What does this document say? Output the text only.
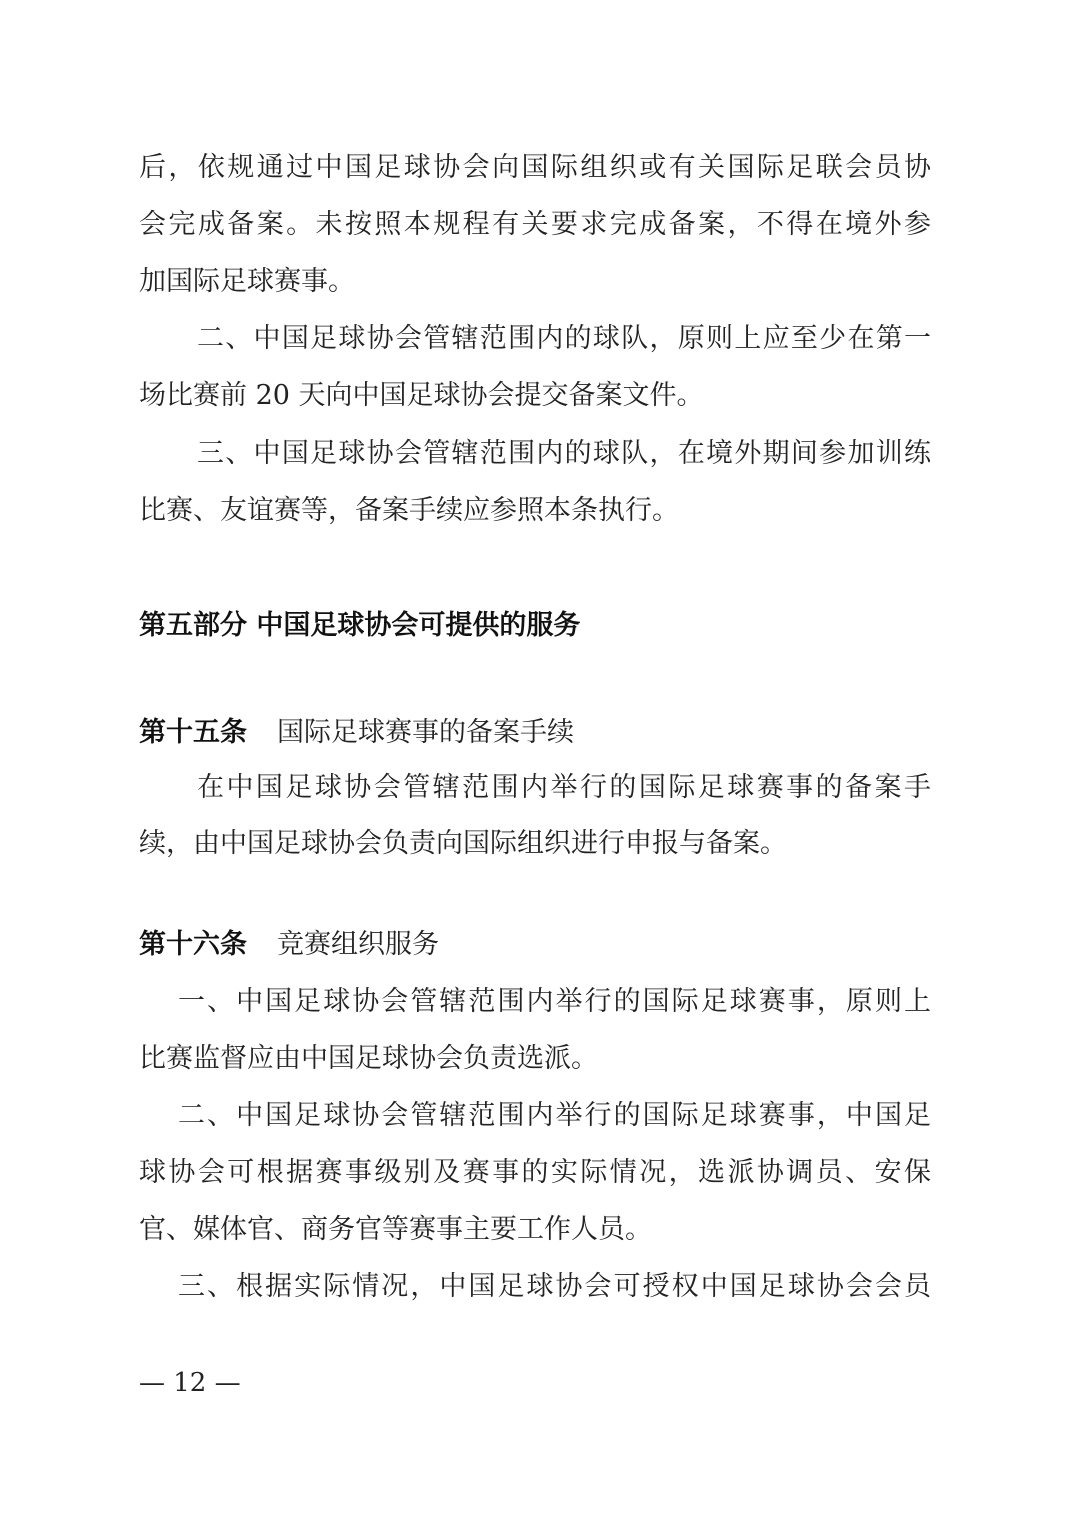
后，依规通过中国足球协会向国际组织或有关国际足联会员协
会完成备案。未按照本规程有关要求完成备案，不得在境外参
加国际足球赛事。
二、中国足球协会管辖范围内的球队，原则上应至少在第一
场比赛前 20 天向中国足球协会提交备案文件。
三、中国足球协会管辖范围内的球队，在境外期间参加训练
比赛、友谊赛等，备案手续应参照本条执行。
第五部分 中国足球协会可提供的服务
第十五条 国际足球赛事的备案手续
在中国足球协会管辖范围内举行的国际足球赛事的备案手
续，由中国足球协会负责向国际组织进行申报与备案。
第十六条 竞赛组织服务
一、中国足球协会管辖范围内举行的国际足球赛事，原则上
比赛监督应由中国足球协会负责选派。
二、中国足球协会管辖范围内举行的国际足球赛事，中国足
球协会可根据赛事级别及赛事的实际情况，选派协调员、安保
官、媒体官、商务官等赛事主要工作人员。
三、根据实际情况，中国足球协会可授权中国足球协会会员
— 12 —
